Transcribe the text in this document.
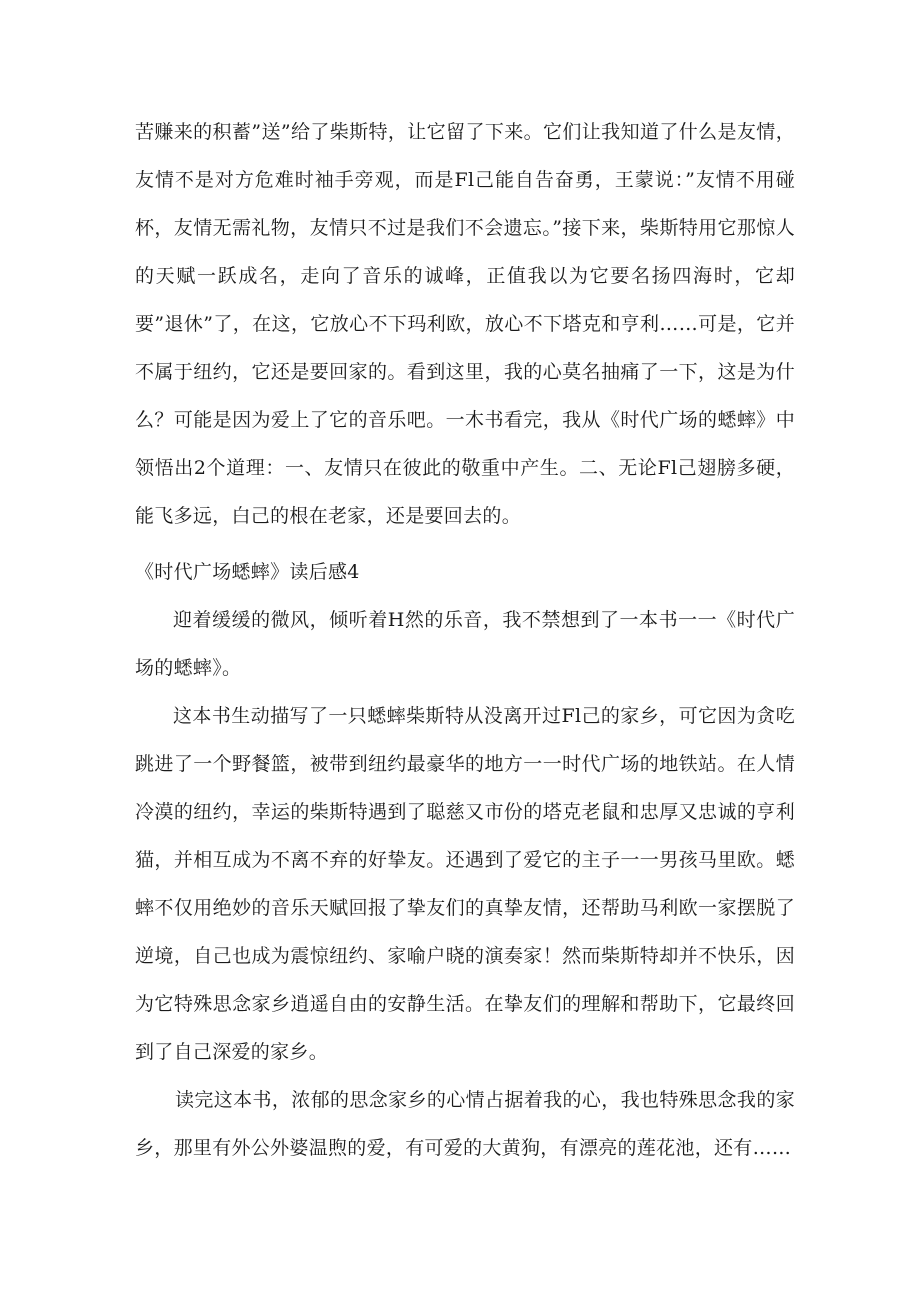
苦赚来的积蓄”送”给了柴斯特，让它留了下来。它们让我知道了什么是友情，友情不是对方危难时袖手旁观，而是Fl己能自告奋勇，王蒙说：”友情不用碰杯，友情无需礼物，友情只不过是我们不会遗忘。”接下来，柴斯特用它那惊人的天赋一跃成名，走向了音乐的诚峰，正值我以为它要名扬四海时，它却要”退休”了，在这，它放心不下玛利欧，放心不下塔克和亨利……可是，它并不属于纽约，它还是要回家的。看到这里，我的心莫名抽痛了一下，这是为什么？可能是因为爱上了它的音乐吧。一木书看完，我从《时代广场的蟋蟀》中领悟出2个道理：一、友情只在彼此的敬重中产生。二、无论Fl己翅膀多硬，能飞多远，白己的根在老家，还是要回去的。

《时代广场蟋蟀》读后感4

迎着缓缓的微风，倾听着H然的乐音，我不禁想到了一本书一一《时代广场的蟋蟀》。

这本书生动描写了一只蟋蟀柴斯特从没离开过Fl己的家乡，可它因为贪吃跳进了一个野餐篮，被带到纽约最豪华的地方一一时代广场的地铁站。在人情冷漠的纽约，幸运的柴斯特遇到了聪慈又市份的塔克老鼠和忠厚又忠诚的亨利猫，并相互成为不离不弃的好挚友。还遇到了爱它的主子一一男孩马里欧。蟋蟀不仅用绝妙的音乐天赋回报了挚友们的真挚友情，还帮助马利欧一家摆脱了逆境，自己也成为震惊纽约、家喻户晓的演奏家！然而柴斯特却并不快乐，因为它特殊思念家乡逍遥自由的安静生活。在挚友们的理解和帮助下，它最终回到了自己深爱的家乡。

读完这本书，浓郁的思念家乡的心情占据着我的心，我也特殊思念我的家乡，那里有外公外婆温煦的爱，有可爱的大黄狗，有漂亮的莲花池，还有……
